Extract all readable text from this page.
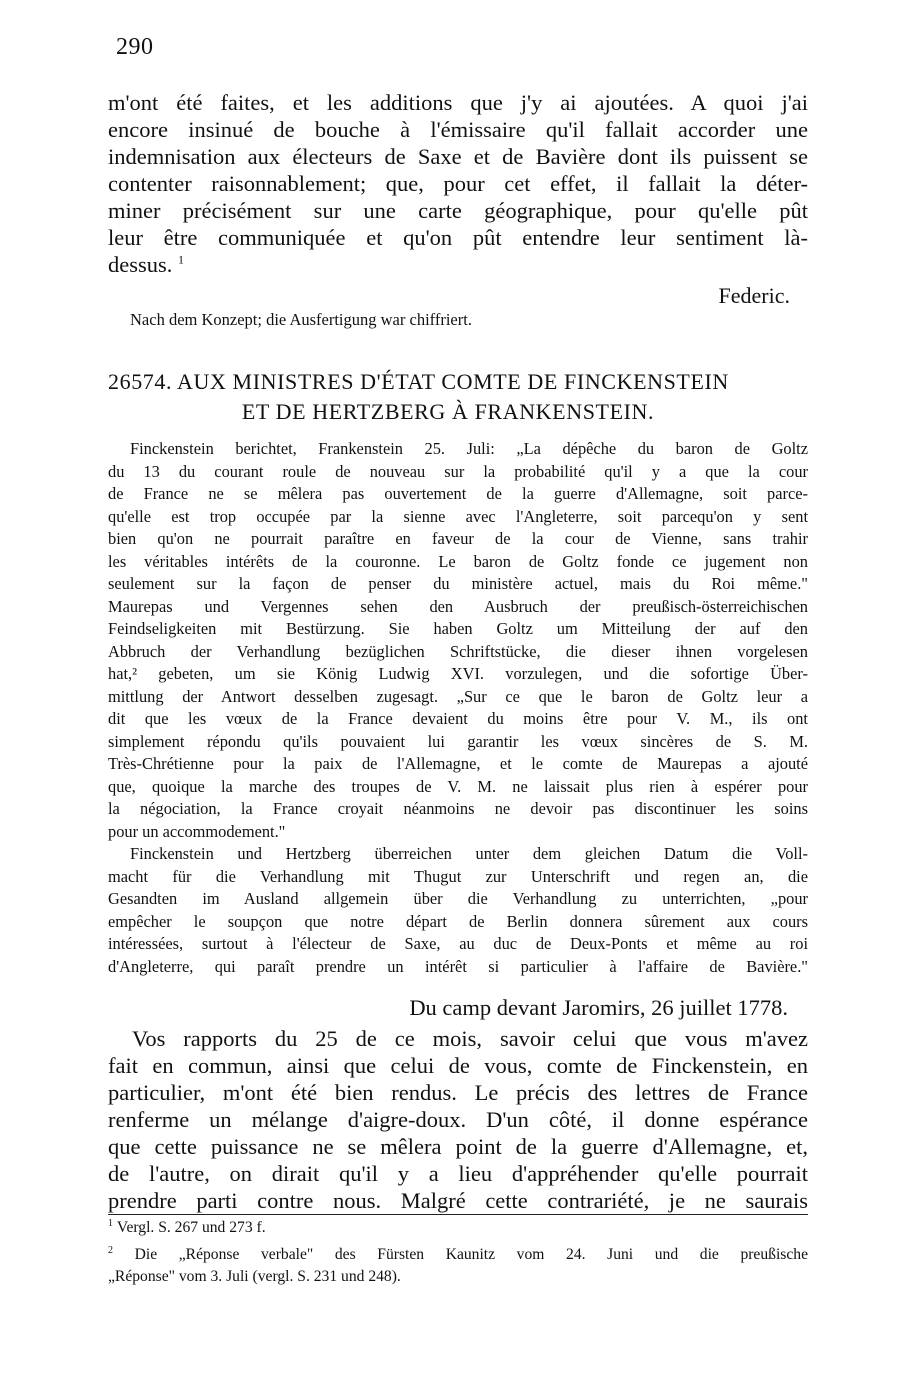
290
m'ont été faites, et les additions que j'y ai ajoutées. A quoi j'ai
encore insinué de bouche à l'émissaire qu'il fallait accorder une
indemnisation aux électeurs de Saxe et de Bavière dont ils puissent se
contenter raisonnablement; que, pour cet effet, il fallait la déter-
miner précisément sur une carte géographique, pour qu'elle pût
leur être communiquée et qu'on pût entendre leur sentiment là-
dessus. $^1$
Federic.
Nach dem Konzept; die Ausfertigung war chiffriert.
26574. AUX MINISTRES D'ÉTAT COMTE DE FINCKENSTEIN
ET DE HERTZBERG À FRANKENSTEIN.
Finckenstein berichtet, Frankenstein 25. Juli: „La dépêche du baron de Goltz
du 13 du courant roule de nouveau sur la probabilité qu'il y a que la cour
de France ne se mêlera pas ouvertement de la guerre d'Allemagne, soit parce-
qu'elle est trop occupée par la sienne avec l'Angleterre, soit parcequ'on y sent
bien qu'on ne pourrait paraître en faveur de la cour de Vienne, sans trahir
les véritables intérêts de la couronne. Le baron de Goltz fonde ce jugement non
seulement sur la façon de penser du ministère actuel, mais du Roi même."
Maurepas und Vergennes sehen den Ausbruch der preußisch-österreichischen
Feindseligkeiten mit Bestürzung. Sie haben Goltz um Mitteilung der auf den
Abbruch der Verhandlung bezüglichen Schriftstücke, die dieser ihnen vorgelesen
hat,² gebeten, um sie König Ludwig XVI. vorzulegen, und die sofortige Über-
mittlung der Antwort desselben zugesagt. „Sur ce que le baron de Goltz leur a
dit que les vœux de la France devaient du moins être pour V. M., ils ont
simplement répondu qu'ils pouvaient lui garantir les vœux sincères de S. M.
Très-Chrétienne pour la paix de l'Allemagne, et le comte de Maurepas a ajouté
que, quoique la marche des troupes de V. M. ne laissait plus rien à espérer pour
la négociation, la France croyait néanmoins ne devoir pas discontinuer les soins
pour un accommodement."
Finckenstein und Hertzberg überreichen unter dem gleichen Datum die Voll-
macht für die Verhandlung mit Thugut zur Unterschrift und regen an, die
Gesandten im Ausland allgemein über die Verhandlung zu unterrichten, „pour
empêcher le soupçon que notre départ de Berlin donnera sûrement aux cours
intéressées, surtout à l'électeur de Saxe, au duc de Deux-Ponts et même au roi
d'Angleterre, qui paraît prendre un intérêt si particulier à l'affaire de Bavière."
Du camp devant Jaromirs, 26 juillet 1778.
Vos rapports du 25 de ce mois, savoir celui que vous m'avez
fait en commun, ainsi que celui de vous, comte de Finckenstein, en
particulier, m'ont été bien rendus. Le précis des lettres de France
renferme un mélange d'aigre-doux. D'un côté, il donne espérance
que cette puissance ne se mêlera point de la guerre d'Allemagne, et,
de l'autre, on dirait qu'il y a lieu d'appréhender qu'elle pourrait
prendre parti contre nous. Malgré cette contrariété, je ne saurais
$^1$ Vergl. S. 267 und 273 f.
$^2$ Die „Réponse verbale" des Fürsten Kaunitz vom 24. Juni und die preußische
„Réponse" vom 3. Juli (vergl. S. 231 und 248).
